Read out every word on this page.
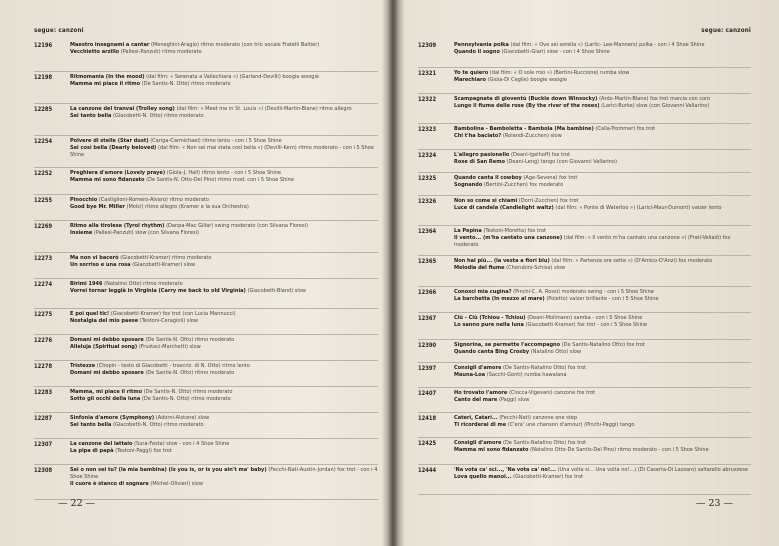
segue: canzoni
12196	Maestro insegnami a cantar (Meneghini-Aragio) ritmo moderato (con trio vocale Fratelli Baltier)

Vecchietto arzillo (Pallesi-Panzuti) ritmo moderato

12198	Ritmomania (In the mood) (dal film: « Serenata a Vallechiara ») (Garland-Devilli) boogie woogie

Mamma mi piace il ritmo (De Santis-N. Otto) ritmo moderato

12285	La canzone del tranvai (Trolley song) (dal film: « Meet me in St. Louis ») (Devilli-Martin-Blane) ritmo allegro

Sei tanto bella (Giacobetti-N. Otto) ritmo moderato

12254	Polvere di stelle (Star dust) (Cariga-Carmichael) ritmo lento - con i 5 Shoe Shine

Sei così bella (Dearly beloved) (dal film: « Non sei mai stata così bella ») (Devilli-Kern) ritmo moderato - con i 5 Shoe Shine

12252	Preghiera d'amore (Lovely praye) (Giola-J. Hall) ritmo lento - con i 5 Shoe Shine

Mamma mi sono fidanzato (De Santis-N. Otto-Del Pino) ritmo mod. con i 5 Shoe Shine

12255	Pinocchio (Castiglioni-Romero-Alvaro) ritmo moderato

Good bye Mr. Miller (Molci) ritmo allegro (Kramer e la sua Orchestra)

12269	Ritmo alla tirolese (Tyrol rhythm) (Danpa-Mac Gillar) swing moderato (con Silvana Floresi)

Insieme (Pallesi-Panzuti) slow (con Silvana Floresi)

12273	Ma non vi bacerò (Giacobetti-Kramer) ritmo moderato

Un sorriso e una rosa (Giacobetti-Kramer) slow

12274	Birimi 1946 (Natalino Otto) ritmo moderato

Vorrei tornar leggià in Virginia (Carry me back to old Virginia) (Giacobetti-Bland) slow

12275	E poi quel tic! (Giacobetti-Kramer) fox trot (con Lucia Mannucci)

Nostalgia del mio paese (Testoni-Ceragioli) slow

12276	Domani mi debbo sposare (De Santis-N. Otto) ritmo moderato

Alleluja (Spiritual song) (Frustaci-Marchetti) slow

12278	Tristezze (Chopin - testo di Giacobetti - trascriz. di N. Otto) ritmo lento

Domani mi debbo sposare (De Santis-N. Otto) ritmo moderato

12283	Mamma, mi piace il ritmo (De Santis-N. Otto) ritmo moderato

Sotto gli occhi della luna (De Santis-N. Otto) ritmo moderato

12287	Sinfonia d'amore (Symphony) (Adorni-Alstone) slow

Sei tanto bella (Giacobetti-N. Otto) ritmo moderato

12307	La canzone del lattaio (Sura-Festa) slow - con i 4 Shoe Shine

La pipa di papà (Testoni-Paggi) fox trot

12308	Sei o non sei tu? (la mia bambina) (Is you is, or is you ain't ma' baby) (Fecchi-Nati-Austin-Jordan) fox trot - con i 4 Shoe Shine

Il cuore è stanco di sognare (Michel-Olivieri) slow

— 22 —
segue: canzoni
12309	Pennsylvania polka (dal film: « Ove sei sorella ») (Larlic- Lee-Manners) polka - con i 4 Shoe Shine

Quando il sogno (Giacobetti-Giari) slow - con i 4 Shoe Shine

12321	Yo te quiero (dal film: « O sole mio ») (Bertini-Ruccione) rumba slow

Marechiaro (Gioia-Di Ceglie) boogie woogie

12322	Scampagnata di gioventù (Buckle down Winsocky) (Ardo-Martin-Blane) fox trot marcia con coro

Lungo il fiume delle rose (By the river of the roses) (Larici-Burke) slow (con Giovanni Vallarino)

12323	Bambolina - Bamboletta - Bambola (Ma bambine) (Calla-Trommer) fox trot

Chi t'ha baciato? (Rolandi-Zucchen) slow

12324	L'allegro pasionello (Deani-Igelhoff) fox trot

Rose di San Remo (Deani-Leng) tango (con Giovanni Vallarino)

12325	Quando canta il cowboy (Age-Sevona) fox trot

Sognando (Bertini-Zucchen) fox moderato

12326	Non so come si chiami (Dorri-Zucchen) fox trot

Luce di candela (Candlelight waltz) (dal film: « Ponte di Waterloo ») (Larici-Maur-Dumont) valzer lento

12364	La Pepina (Testoni-Moretta) fox trot

Il vento... (m'ha cantato una canzone) (dal film: « Il vento m'ha cantato una canzone ») (Frati-Veliadi) fox moderato

12365	Non hai più... (la vesta a fiori blu) (dal film: « Partenza ore sette ») (D'Amico-D'Anzi) fox moderato

Melodia del fiume (Cherubini-Schisa) slow

12366	Conosci mia cugina? (Pinchi-C. A. Rossi) moderato swing - con i 5 Shoe Shine

La barchetta (In mezzo al mare) (Poletto) valzer brillante - con i 5 Shoe Shine

12367	Ciù - Ciù (Tchiou - Tchiou) (Deani-Mollmann) samba - con i 5 Shoe Shine

Lo sanno pure nella luna (Giacobetti-Kramer) fox trot - con i 5 Shoe Shine

12390	Signorina, se permette l'accompagno (De Santis-Natalino Otto) fox trot

Quando canta Bing Crosby (Natalino Otto) slow

12397	Consigli d'amore (De Santis-Natalino Otto) fox trot

Mauna-Loa (Sacchi-Gonti) rumba hawaiana

12407	Ho trovato l'amore (Ciocca-Vigevani) canzone fox trot

Canto del mare (Paggi) slow

12418	Cateri, Catari... (Fecchi-Nati) canzone one step

Ti ricorderai di me (C'era' une chanson d'amour) (Pinchi-Paggi) tango

12425	Consigli d'amore (De Santis-Natalino Otto) fox trot

Mamma mi sono fidanzato (Natalino Otto-De Santis-Del Pino) ritmo moderato - con i 5 Shoe Shine

12444	'Na vota ca' sci..., 'Na vota ca' no!... (Una volta si... Una volta no!...) (Di Caserta-Di Lazzaro) saltarello abruzzese

Lova quello manoi... (Giacobetti-Kramer) fox trot

— 23 —
